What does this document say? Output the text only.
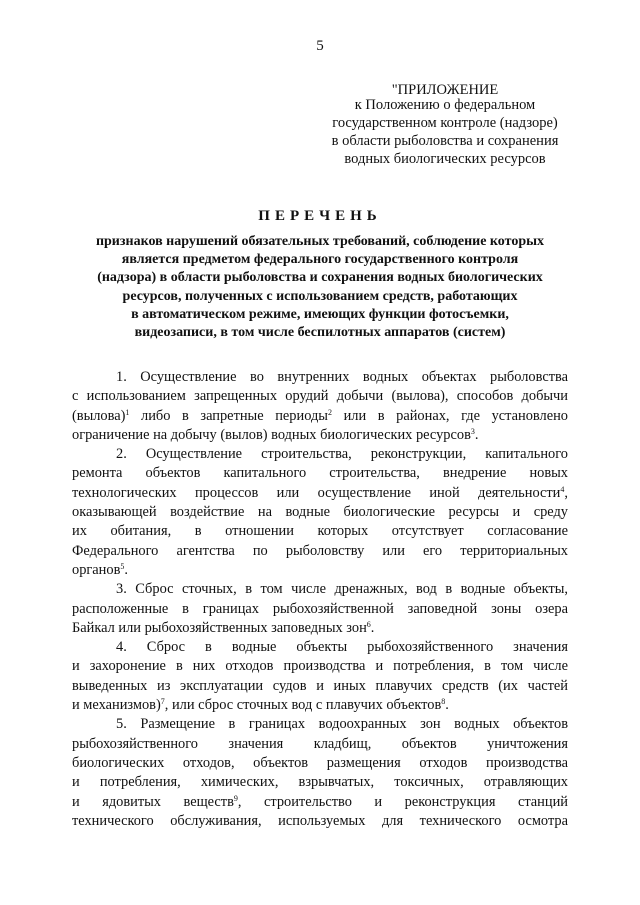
5
"ПРИЛОЖЕНИЕ
к Положению о федеральном
государственном контроле (надзоре)
в области рыболовства и сохранения
водных биологических ресурсов
ПЕРЕЧЕНЬ
признаков нарушений обязательных требований, соблюдение которых
является предметом федерального государственного контроля
(надзора) в области рыболовства и сохранения водных биологических
ресурсов, полученных с использованием средств, работающих
в автоматическом режиме, имеющих функции фотосъемки,
видеозаписи, в том числе беспилотных аппаратов (систем)

1. Осуществление во внутренних водных объектах рыболовства

с использованием запрещенных орудий добычи (вылова), способов добычи

(вылова)$^1$ либо в запретные периоды$^2$ или в районах, где установлено

ограничение на добычу (вылов) водных биологических ресурсов$^3$.

2. Осуществление строительства, реконструкции, капитального

ремонта объектов капитального строительства, внедрение новых

технологических процессов или осуществление иной деятельности$^4$,

оказывающей воздействие на водные биологические ресурсы и среду

их обитания, в отношении которых отсутствует согласование

Федерального агентства по рыболовству или его территориальных

органов$^5$.

3. Сброс сточных, в том числе дренажных, вод в водные объекты,

расположенные в границах рыбохозяйственной заповедной зоны озера

Байкал или рыбохозяйственных заповедных зон$^6$.

4. Сброс в водные объекты рыбохозяйственного значения

и захоронение в них отходов производства и потребления, в том числе

выведенных из эксплуатации судов и иных плавучих средств (их частей

и механизмов)$^7$, или сброс сточных вод с плавучих объектов$^8$.

5. Размещение в границах водоохранных зон водных объектов

рыбохозяйственного значения кладбищ, объектов уничтожения

биологических отходов, объектов размещения отходов производства

и потребления, химических, взрывчатых, токсичных, отравляющих

и ядовитых веществ$^9$, строительство и реконструкция станций

технического обслуживания, используемых для технического осмотра
